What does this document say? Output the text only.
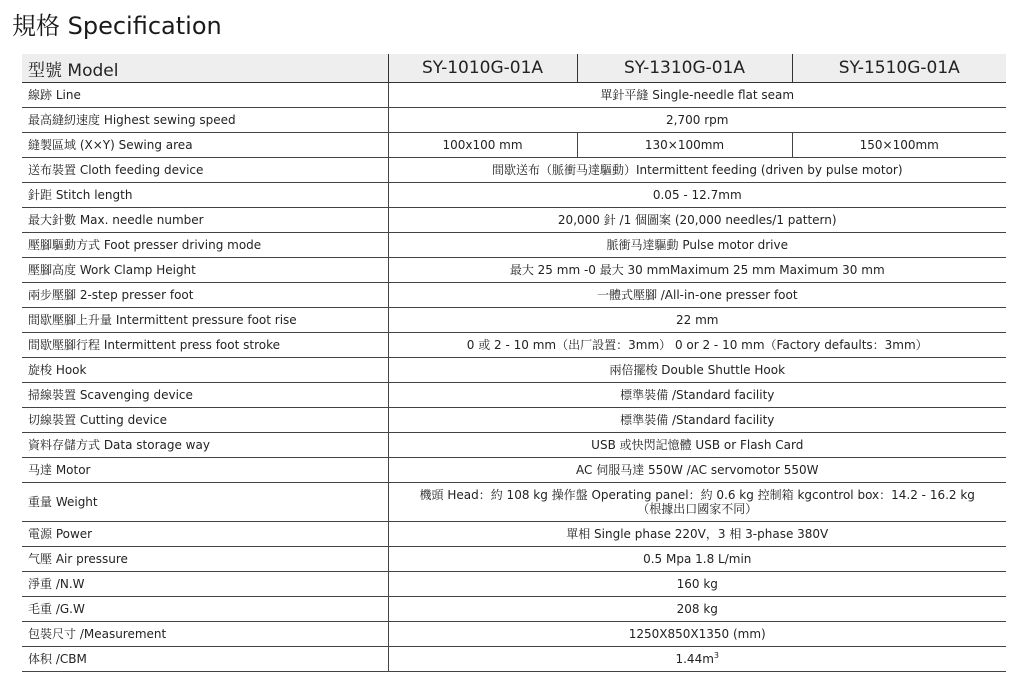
規格 Specification
型號 Model	SY-1010G-01A	SY-1310G-01A	SY-1510G-01A
線跡 Line	單針平縫 Single-needle flat seam		
最高縫紉速度 Highest sewing speed	2,700 rpm		
縫製區域 (X×Y) Sewing area	100x100 mm	130×100mm	150×100mm
送布裝置 Cloth feeding device	間歇送布（脈衝马達驅動）Intermittent feeding (driven by pulse motor)		
針距 Stitch length	0.05 - 12.7mm		
最大針數 Max. needle number	20,000 針 /1 個圖案 (20,000 needles/1 pattern)		
壓腳驅動方式 Foot presser driving mode	脈衝马達驅動 Pulse motor drive		
壓腳高度 Work Clamp Height	最大 25 mm -0 最大 30 mmMaximum 25 mm Maximum 30 mm		
兩步壓腳 2-step presser foot	一體式壓腳 /All-in-one presser foot		
間歇壓腳上升量 Intermittent pressure foot rise	22 mm		
間歇壓腳行程 Intermittent press foot stroke	0 或 2 - 10 mm（出厂設置：3mm） 0 or 2 - 10 mm（Factory defaults：3mm）		
旋梭 Hook	兩倍擺梭 Double Shuttle Hook		
掃線裝置 Scavenging device	標準裝備 /Standard facility		
切線裝置 Cutting device	標準裝備 /Standard facility		
資料存儲方式 Data storage way	USB 或快閃記憶體 USB or Flash Card		
马達 Motor	AC 伺服马達 550W /AC servomotor 550W		
重量 Weight	機頭 Head：約 108 kg 操作盤 Operating panel：約 0.6 kg 控制箱 kgcontrol box：14.2 - 16.2 kg
（根據出口國家不同）		

電源 Power	單相 Single phase 220V，3 相 3-phase 380V		
气壓 Air pressure	0.5 Mpa 1.8 L/min		
淨重 /N.W	160 kg		
毛重 /G.W	208 kg		
包裝尺寸 /Measurement	1250X850X1350 (mm)		
体积 /CBM	$1.44m^3$
